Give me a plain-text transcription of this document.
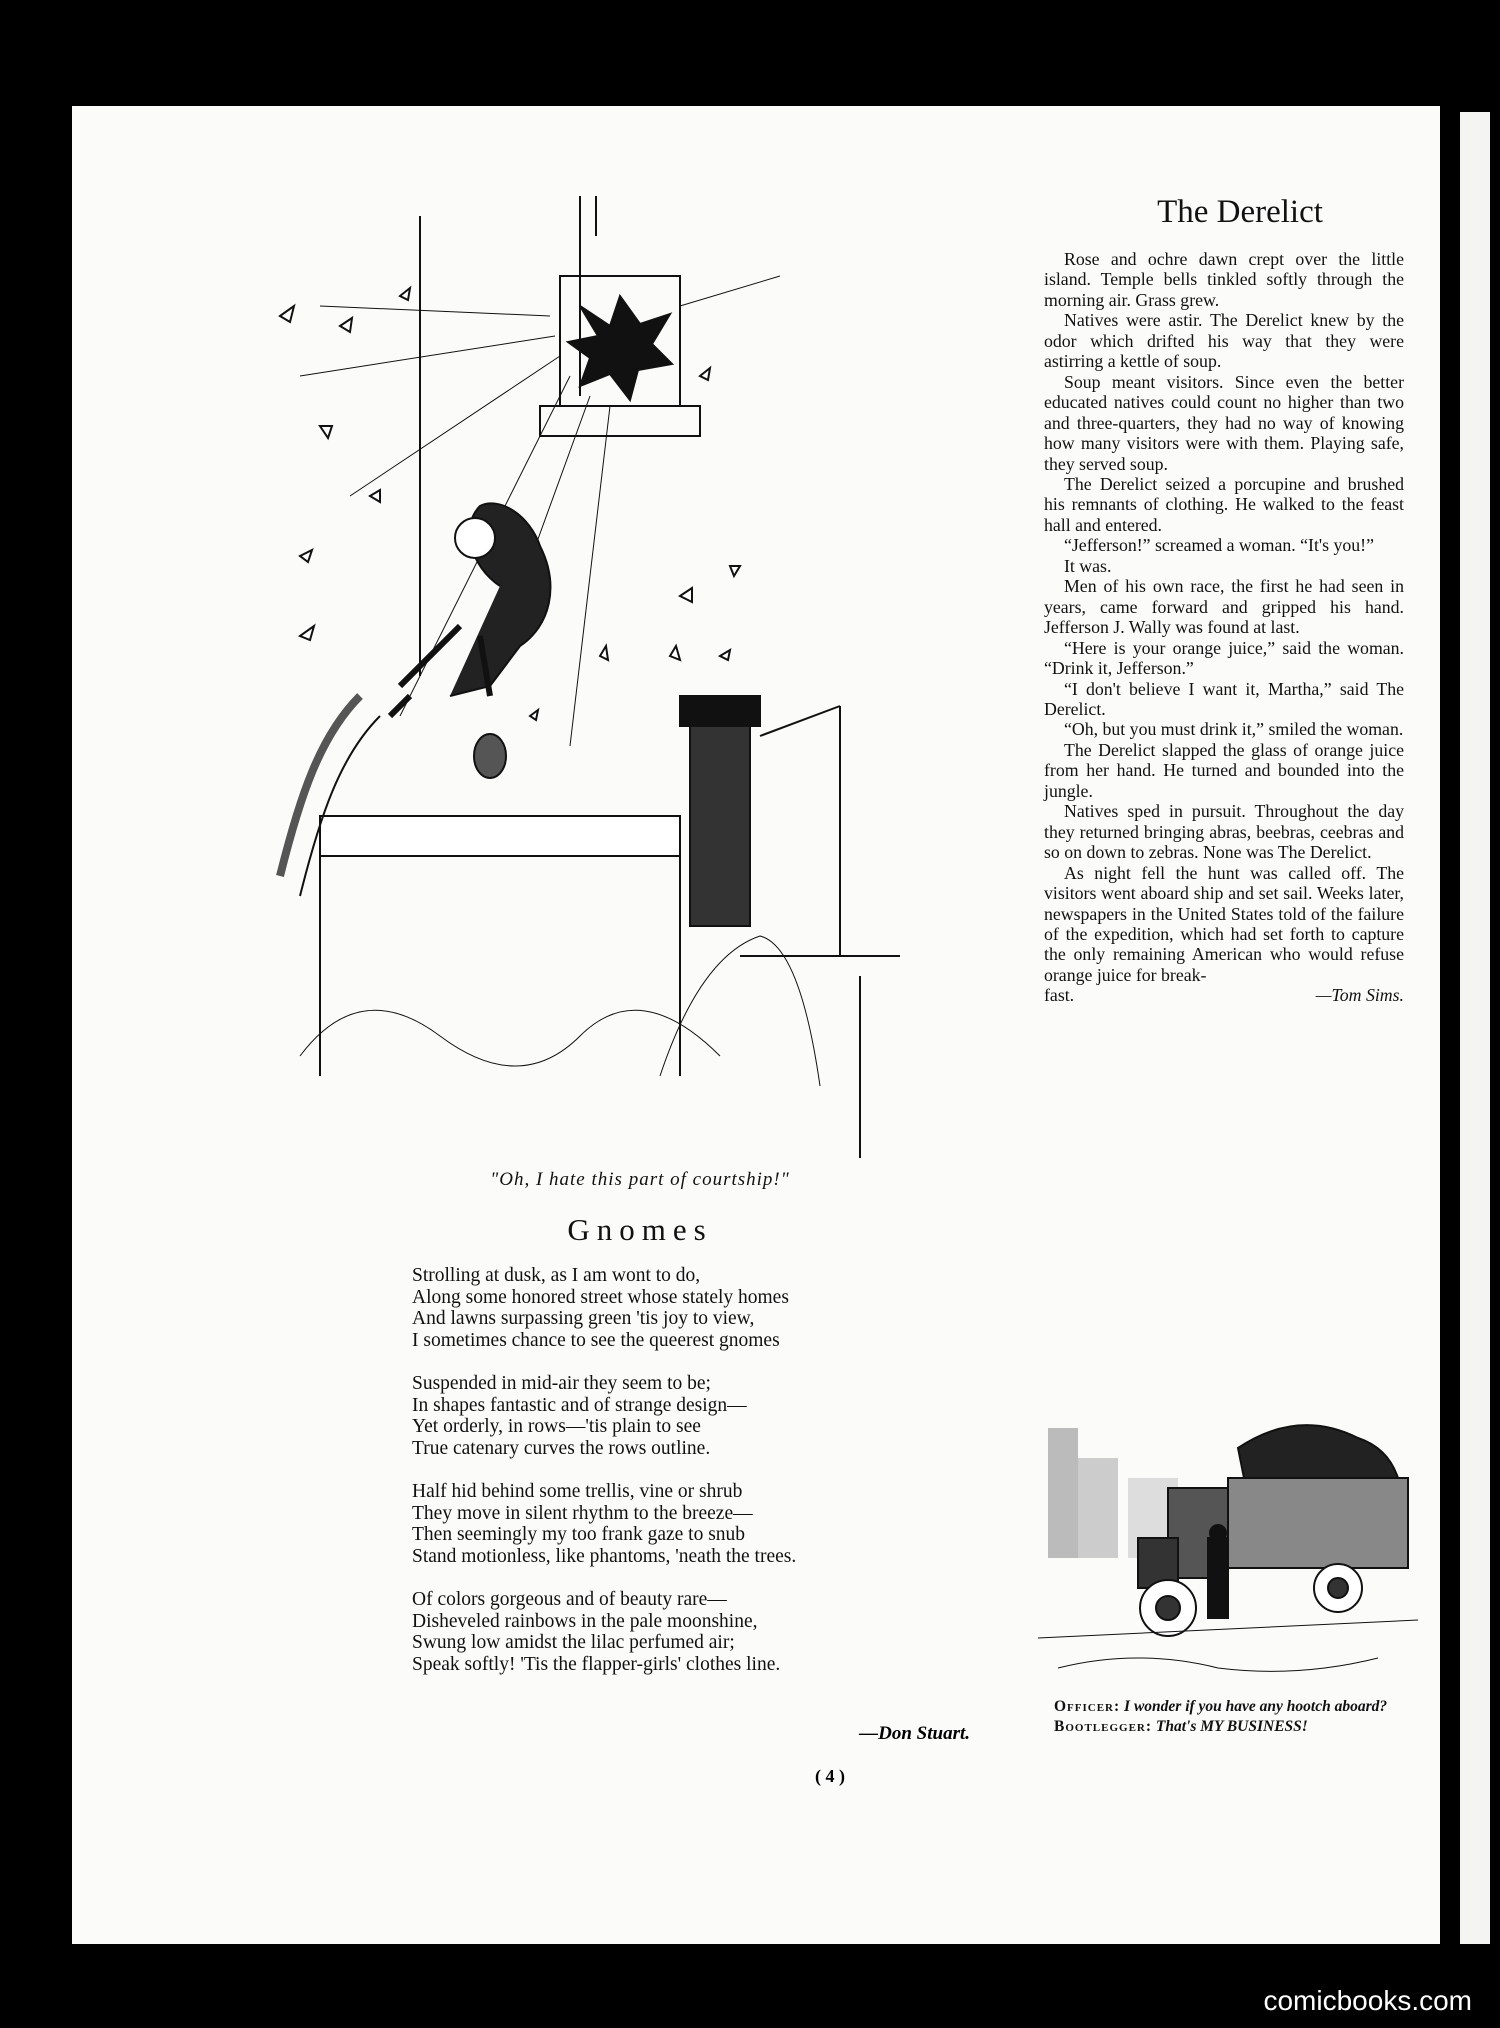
"Oh, I hate this part of courtship!"
Gnomes
Strolling at dusk, as I am wont to do,
Along some honored street whose stately homes
And lawns surpassing green 'tis joy to view,
I sometimes chance to see the queerest gnomes
Suspended in mid-air they seem to be;
In shapes fantastic and of strange design—
Yet orderly, in rows—'tis plain to see
True catenary curves the rows outline.
Half hid behind some trellis, vine or shrub
They move in silent rhythm to the breeze—
Then seemingly my too frank gaze to snub
Stand motionless, like phantoms, 'neath the trees.
Of colors gorgeous and of beauty rare—
Disheveled rainbows in the pale moonshine,
Swung low amidst the lilac perfumed air;
Speak softly! 'Tis the flapper-girls' clothes line.
—Don Stuart.
( 4 )
The Derelict

Rose and ochre dawn crept over the little island. Temple bells tinkled softly through the morning air. Grass grew.

Natives were astir. The Derelict knew by the odor which drifted his way that they were astirring a kettle of soup.

Soup meant visitors. Since even the better educated natives could count no higher than two and three-quarters, they had no way of knowing how many visitors were with them. Playing safe, they served soup.

The Derelict seized a porcupine and brushed his remnants of clothing. He walked to the feast hall and entered.

“Jefferson!” screamed a woman. “It's you!”

It was.

Men of his own race, the first he had seen in years, came forward and gripped his hand. Jefferson J. Wally was found at last.

“Here is your orange juice,” said the woman. “Drink it, Jefferson.”

“I don't believe I want it, Martha,” said The Derelict.

“Oh, but you must drink it,” smiled the woman.

The Derelict slapped the glass of orange juice from her hand. He turned and bounded into the jungle.

Natives sped in pursuit. Throughout the day they returned bringing abras, beebras, ceebras and so on down to zebras. None was The Derelict.

As night fell the hunt was called off. The visitors went aboard ship and set sail. Weeks later, newspapers in the United States told of the failure of the expedition, which had set forth to capture the only remaining American who would refuse orange juice for break-

fast.	—Tom Sims.
Officer: I wonder if you have any hootch aboard?
Bootlegger: That's MY BUSINESS!
comicbooks.com
